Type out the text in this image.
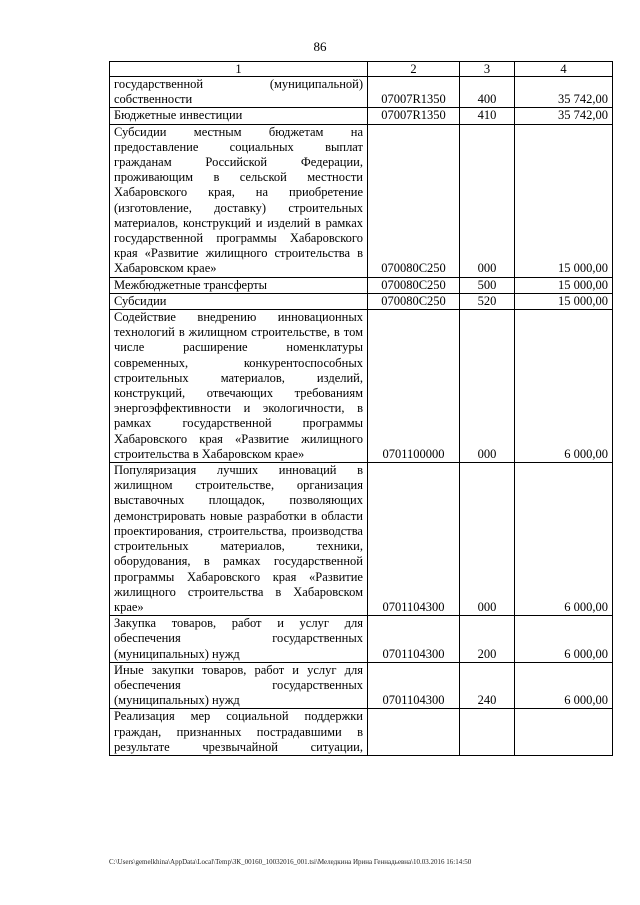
86
1	2	3	4
государственной (муниципальной) собственности	07007R1350	400	35 742,00
Бюджетные инвестиции	07007R1350	410	35 742,00
Субсидии местным бюджетам на предоставление социальных выплат гражданам Российской Федерации, проживающим в сельской местности Хабаровского края, на приобретение (изготовление, доставку) строительных материалов, конструкций и изделий в рамках государственной программы Хабаровского края «Развитие жилищного строительства в Хабаровском крае»	070080С250	000	15 000,00
Межбюджетные трансферты	070080С250	500	15 000,00
Субсидии	070080С250	520	15 000,00
Содействие внедрению инновационных технологий в жилищном строительстве, в том числе расширение номенклатуры современных, конкурентоспособных строительных материалов, изделий, конструкций, отвечающих требованиям энергоэффективности и экологичности, в рамках государственной программы Хабаровского края «Развитие жилищного строительства в Хабаровском крае»	0701100000	000	6 000,00
Популяризация лучших инноваций в жилищном строительстве, организация выставочных площадок, позволяющих демонстрировать новые разработки в области проектирования, строительства, производства строительных материалов, техники, оборудования, в рамках государственной программы Хабаровского края «Развитие жилищного строительства в Хабаровском крае»	0701104300	000	6 000,00
Закупка товаров, работ и услуг для обеспечения государственных (муниципальных) нужд	0701104300	200	6 000,00
Иные закупки товаров, работ и услуг для обеспечения государственных (муниципальных) нужд	0701104300	240	6 000,00
Реализация мер социальной поддержки граждан, признанных пострадавшими в результате чрезвычайной ситуации,			
C:\Users\gemelkhina\AppData\Local\Temp\ЗК_00160_10032016_001.tsi\Меледкина Ирина Геннадьевна\10.03.2016 16:14:50
